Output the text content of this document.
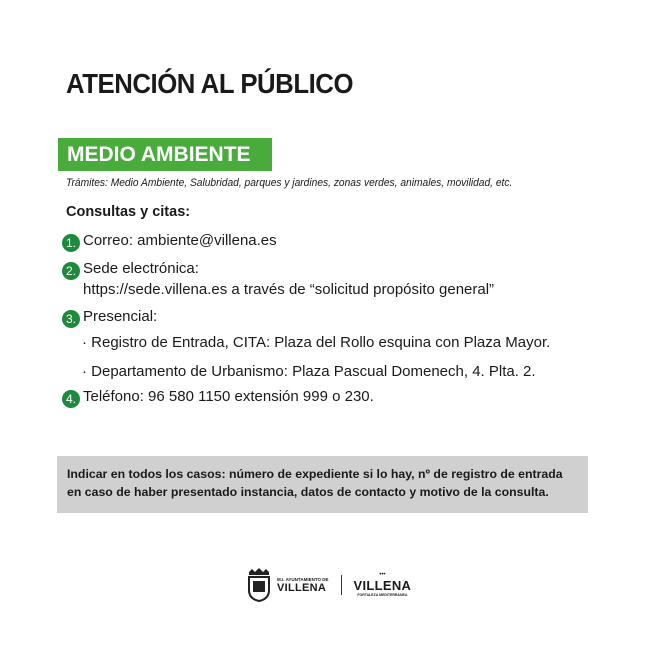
ATENCIÓN AL PÚBLICO
MEDIO AMBIENTE
Trámites: Medio Ambiente, Salubridad, parques y jardines, zonas verdes, animales, movilidad, etc.
Consultas y citas:
1. Correo: ambiente@villena.es
2. Sede electrónica:
https://sede.villena.es a través de “solicitud propósito general”
3. Presencial:
· Registro de Entrada, CITA: Plaza del Rollo esquina con Plaza Mayor.
· Departamento de Urbanismo: Plaza Pascual Domenech, 4. Plta. 2.
4. Teléfono: 96 580 1150 extensión 999 o 230.
Indicar en todos los casos: número de expediente si lo hay, nº de registro de entrada en caso de haber presentado instancia, datos de contacto y motivo de la consulta.
M.I. AYUNTAMIENTO DE
VILLENA
•••
VILLENA
FORTALEZA MEDITERRÁNEA
